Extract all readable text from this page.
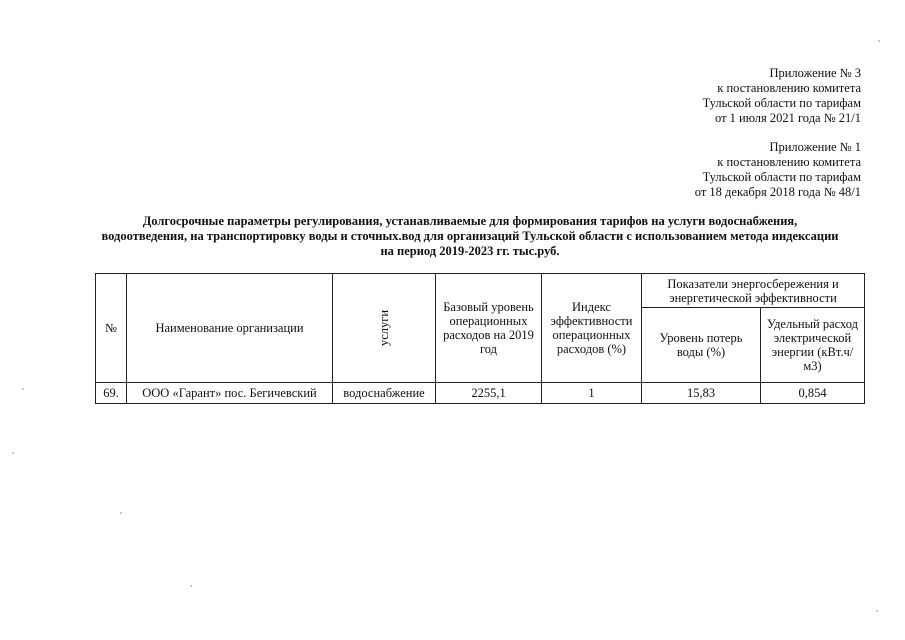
Приложение № 3
к постановлению комитета
Тульской области по тарифам
от 1 июля 2021 года № 21/1
Приложение № 1
к постановлению комитета
Тульской области по тарифам
от 18 декабря 2018 года № 48/1
Долгосрочные параметры регулирования, устанавливаемые для формирования тарифов на услуги водоснабжения,
водоотведения, на транспортировку воды и сточных.вод для организаций Тульской области с использованием метода индексации
на период 2019-2023 гг. тыс.руб.
№	Наименование организации	услуги	Базовый уровень операционных расходов на 2019 год	Индекс эффективности операционных расходов (%)	Показатели энергосбережения и энергетической эффективности	
					Уровень потерь воды (%)	Удельный расход электрической энергии (кВт.ч/м3)
69.	ООО «Гарант» пос. Бегичевский	водоснабжение	2255,1	1	15,83	0,854
